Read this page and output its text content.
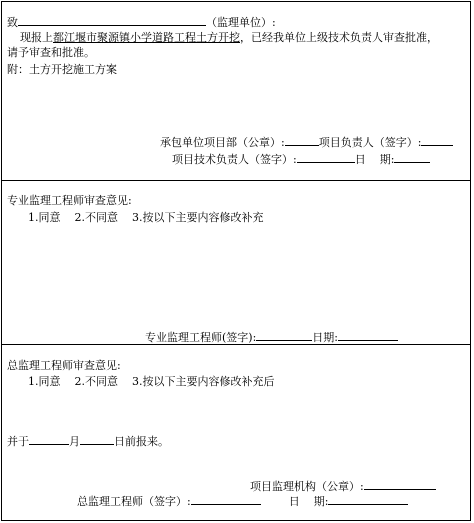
致	（监理单位）:
现报上都江堰市聚源镇小学道路工程土方开挖，已经我单位上级技术负责人审查批准，
请予审查和批准。
附：土方开挖施工方案
承包单位项目部（公章）:	项目负责人（签字）:
项目技术负责人（签字）:	日 期:
专业监理工程师审查意见:
1.同意 2.不同意 3.按以下主要内容修改补充
专业监理工程师(签字):	日期:
总监理工程师审查意见:
1.同意 2.不同意 3.按以下主要内容修改补充后
并于	月	日前报来。
项目监理机构（公章）:
总监理工程师（签字）:	日 期:
